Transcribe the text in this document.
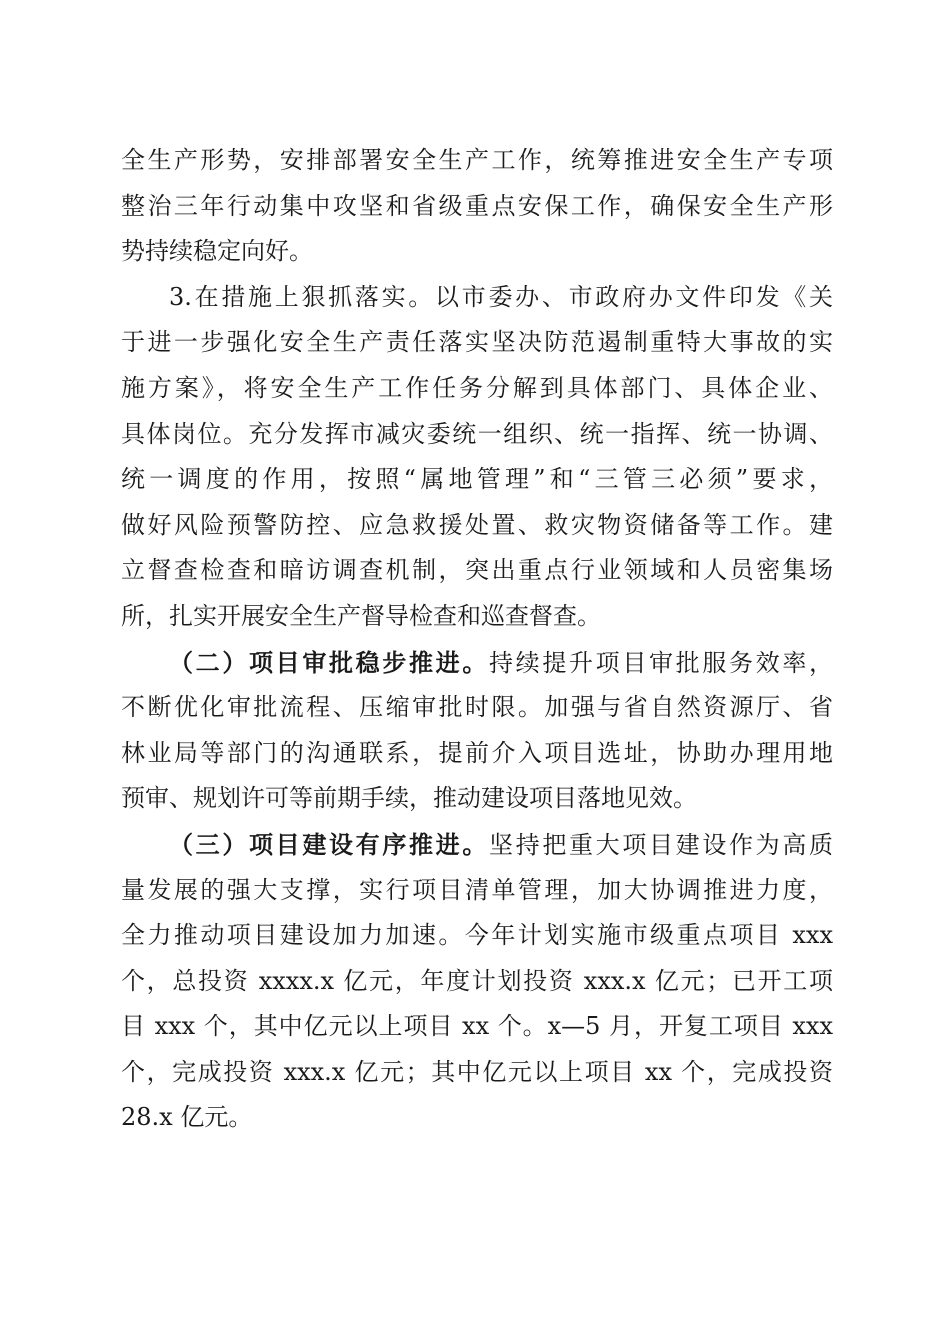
全生产形势，安排部署安全生产工作，统筹推进安全生产专项
整治三年行动集中攻坚和省级重点安保工作，确保安全生产形
势持续稳定向好。
3.在措施上狠抓落实。以市委办、市政府办文件印发《关
于进一步强化安全生产责任落实坚决防范遏制重特大事故的实
施方案》，将安全生产工作任务分解到具体部门、具体企业、
具体岗位。充分发挥市减灾委统一组织、统一指挥、统一协调、
统一调度的作用，按照“属地管理”和“三管三必须”要求，
做好风险预警防控、应急救援处置、救灾物资储备等工作。建
立督查检查和暗访调查机制，突出重点行业领域和人员密集场
所，扎实开展安全生产督导检查和巡查督查。
（二）项目审批稳步推进。持续提升项目审批服务效率，
不断优化审批流程、压缩审批时限。加强与省自然资源厅、省
林业局等部门的沟通联系，提前介入项目选址，协助办理用地
预审、规划许可等前期手续，推动建设项目落地见效。
（三）项目建设有序推进。坚持把重大项目建设作为高质
量发展的强大支撑，实行项目清单管理，加大协调推进力度，
全力推动项目建设加力加速。今年计划实施市级重点项目 xxx
个，总投资 xxxx.x 亿元，年度计划投资 xxx.x 亿元；已开工项
目 xxx 个，其中亿元以上项目 xx 个。x—5 月，开复工项目 xxx
个，完成投资 xxx.x 亿元；其中亿元以上项目 xx 个，完成投资
28.x 亿元。
